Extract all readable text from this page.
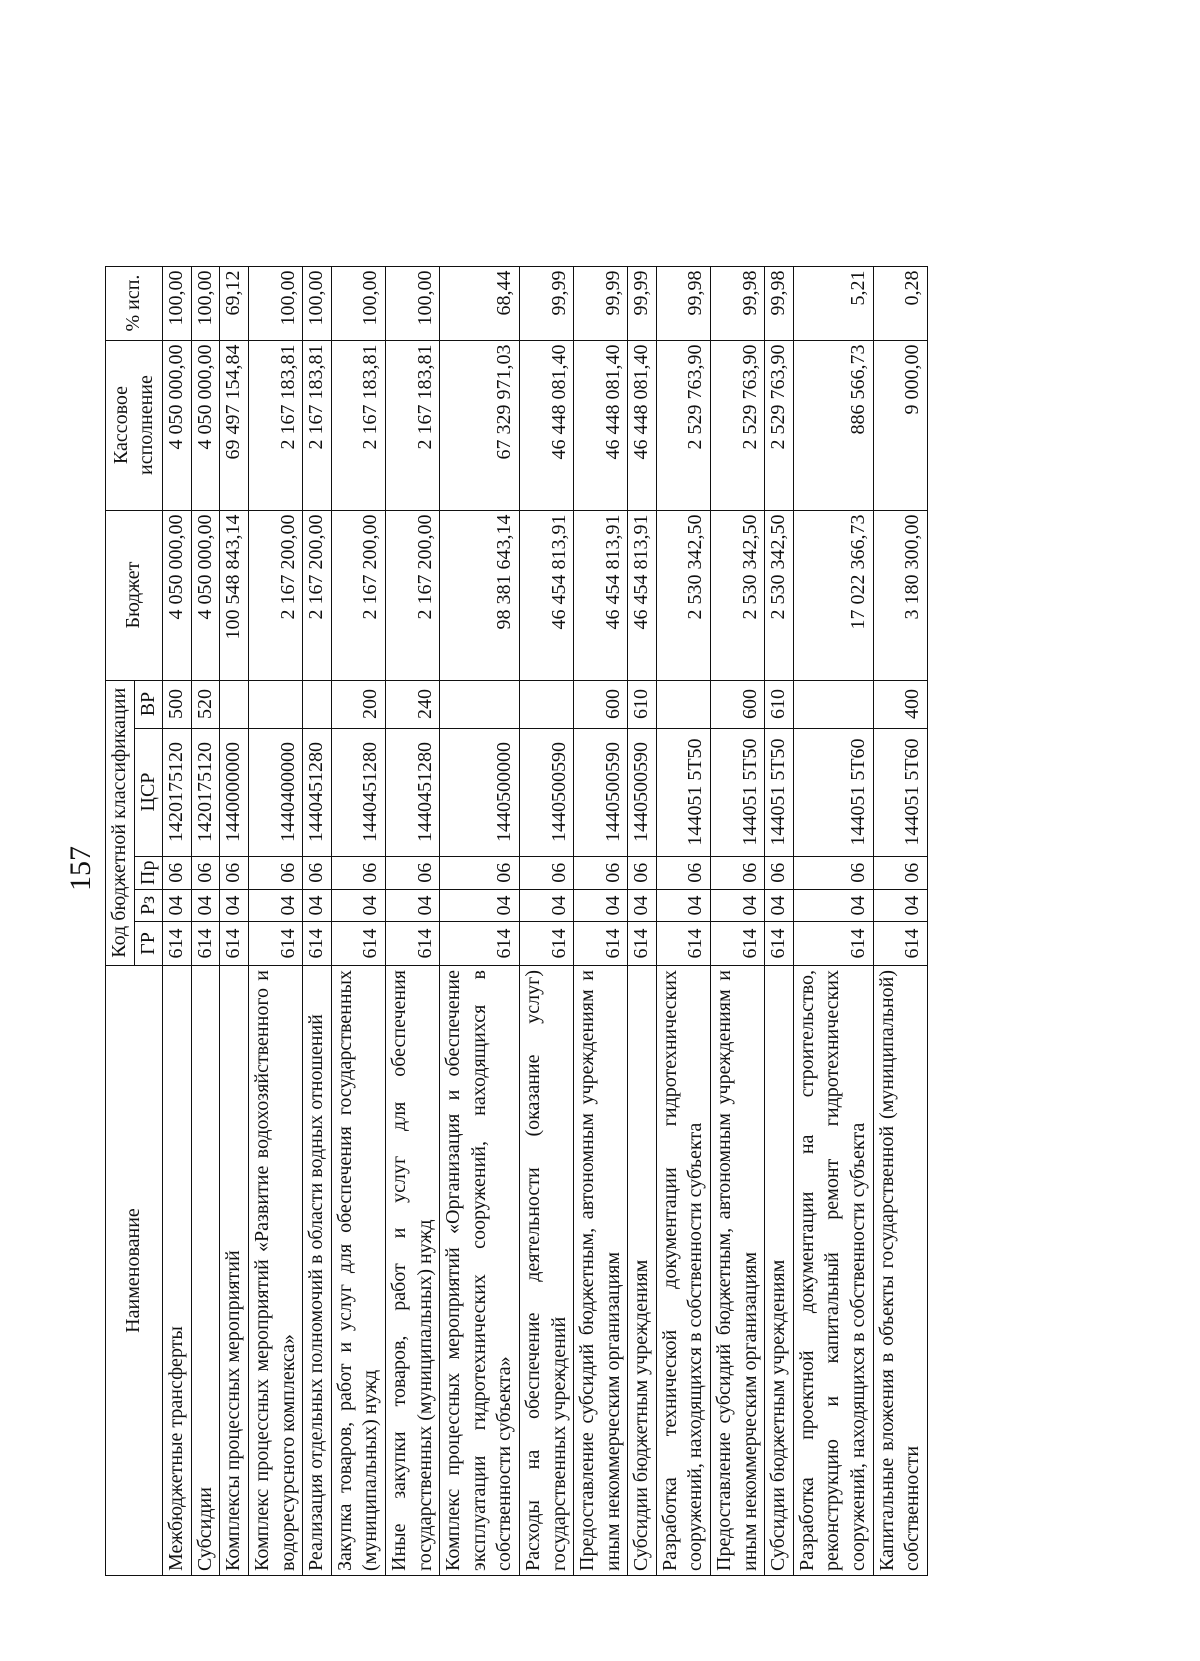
157
Наименование	Код бюджетной классификации					Бюджет	Кассовое исполнение	% исп.
	ГР	Рз	Пр	ЦСР	ВР			
Межбюджетные трансферты	614	04	06	1420175120	500	4 050 000,00	4 050 000,00	100,00
Субсидии	614	04	06	1420175120	520	4 050 000,00	4 050 000,00	100,00
Комплексы процессных мероприятий	614	04	06	1440000000		100 548 843,14	69 497 154,84	69,12
Комплекс процессных мероприятий «Развитие водохозяйственного и водоресурсного комплекса»	614	04	06	1440400000		2 167 200,00	2 167 183,81	100,00
Реализация отдельных полномочий в области водных отношений	614	04	06	1440451280		2 167 200,00	2 167 183,81	100,00
Закупка товаров, работ и услуг для обеспечения государственных (муниципальных) нужд	614	04	06	1440451280	200	2 167 200,00	2 167 183,81	100,00
Иные закупки товаров, работ и услуг для обеспечения государственных (муниципальных) нужд	614	04	06	1440451280	240	2 167 200,00	2 167 183,81	100,00
Комплекс процессных мероприятий «Организация и обеспечение эксплуатации гидротехнических сооружений, находящихся в собственности субъекта»	614	04	06	1440500000		98 381 643,14	67 329 971,03	68,44
Расходы на обеспечение деятельности (оказание услуг) государственных учреждений	614	04	06	1440500590		46 454 813,91	46 448 081,40	99,99
Предоставление субсидий бюджетным, автономным учреждениям и иным некоммерческим организациям	614	04	06	1440500590	600	46 454 813,91	46 448 081,40	99,99
Субсидии бюджетным учреждениям	614	04	06	1440500590	610	46 454 813,91	46 448 081,40	99,99
Разработка технической документации гидротехнических сооружений, находящихся в собственности субъекта	614	04	06	144051 5Т50		2 530 342,50	2 529 763,90	99,98
Предоставление субсидий бюджетным, автономным учреждениям и иным некоммерческим организациям	614	04	06	144051 5Т50	600	2 530 342,50	2 529 763,90	99,98
Субсидии бюджетным учреждениям	614	04	06	144051 5Т50	610	2 530 342,50	2 529 763,90	99,98
Разработка проектной документации на строительство, реконструкцию и капитальный ремонт гидротехнических сооружений, находящихся в собственности субъекта	614	04	06	144051 5Т60		17 022 366,73	886 566,73	5,21
Капитальные вложения в объекты государственной (муниципальной) собственности	614	04	06	144051 5Т60	400	3 180 300,00	9 000,00	0,28
